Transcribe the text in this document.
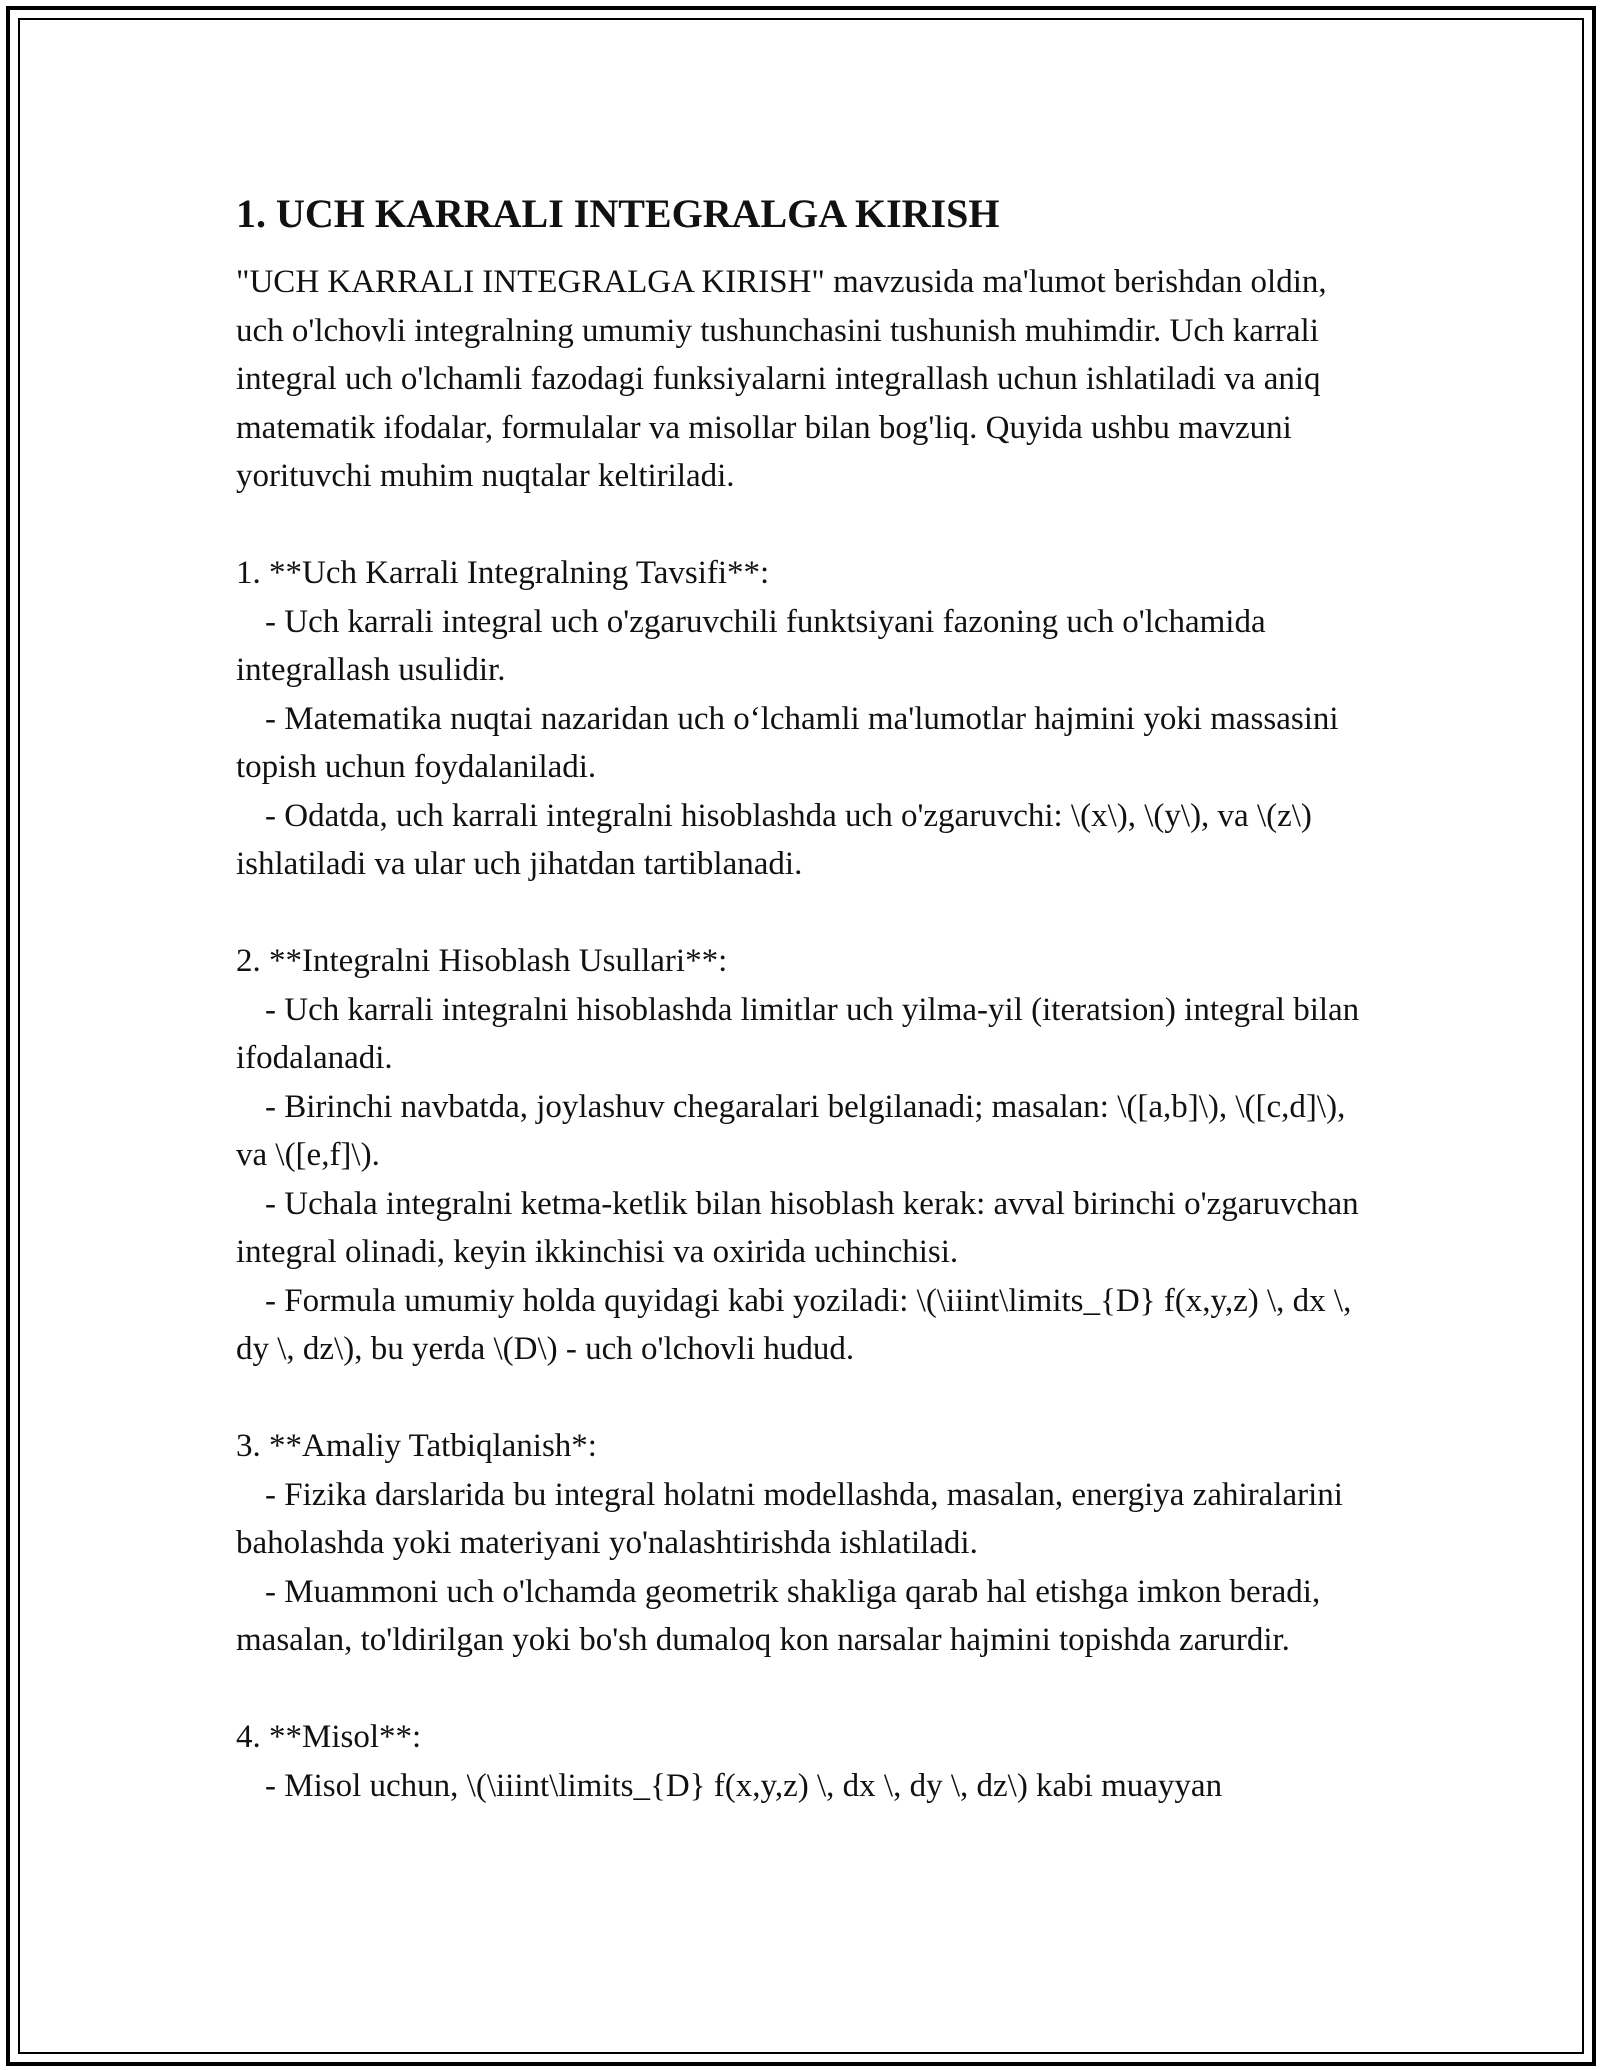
1. UCH KARRALI INTEGRALGA KIRISH

"UCH KARRALI INTEGRALGA KIRISH" mavzusida ma'lumot berishdan oldin, uch o'lchovli integralning umumiy tushunchasini tushunish muhimdir. Uch karrali integral uch o'lchamli fazodagi funksiyalarni integrallash uchun ishlatiladi va aniq matematik ifodalar, formulalar va misollar bilan bog'liq. Quyida ushbu mavzuni yorituvchi muhim nuqtalar keltiriladi.

1. **Uch Karrali Integralning Tavsifi**:

- Uch karrali integral uch o'zgaruvchili funktsiyani fazoning uch o'lchamida integrallash usulidir.

- Matematika nuqtai nazaridan uch o‘lchamli ma'lumotlar hajmini yoki massasini topish uchun foydalaniladi.

- Odatda, uch karrali integralni hisoblashda uch o'zgaruvchi: \(x\), \(y\), va \(z\) ishlatiladi va ular uch jihatdan tartiblanadi.

2. **Integralni Hisoblash Usullari**:

- Uch karrali integralni hisoblashda limitlar uch yilma-yil (iteratsion) integral bilan ifodalanadi.

- Birinchi navbatda, joylashuv chegaralari belgilanadi; masalan: \([a,b]\), \([c,d]\), va \([e,f]\).

- Uchala integralni ketma-ketlik bilan hisoblash kerak: avval birinchi o'zgaruvchan integral olinadi, keyin ikkinchisi va oxirida uchinchisi.

- Formula umumiy holda quyidagi kabi yoziladi: \(\iiint\limits_{D} f(x,y,z) \, dx \, dy \, dz\), bu yerda \(D\) - uch o'lchovli hudud.

3. **Amaliy Tatbiqlanish*:

- Fizika darslarida bu integral holatni modellashda, masalan, energiya zahiralarini baholashda yoki materiyani yo'nalashtirishda ishlatiladi.

- Muammoni uch o'lchamda geometrik shakliga qarab hal etishga imkon beradi, masalan, to'ldirilgan yoki bo'sh dumaloq kon narsalar hajmini topishda zarurdir.

4. **Misol**:

- Misol uchun, \(\iiint\limits_{D} f(x,y,z) \, dx \, dy \, dz\) kabi muayyan
